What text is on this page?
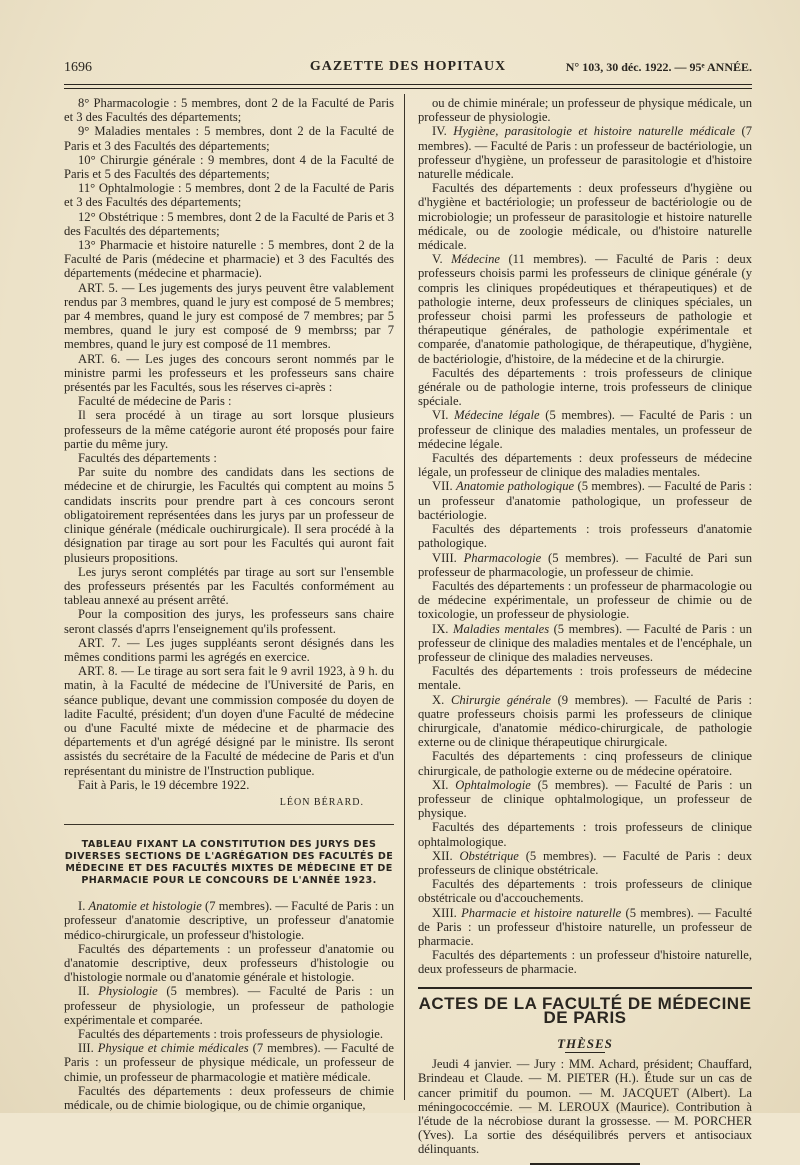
1696	GAZETTE DES HOPITAUX	N° 103, 30 déc. 1922. — 95ᵉ ANNÉE.

8° Pharmacologie : 5 membres, dont 2 de la Faculté de Paris et 3 des Facultés des départements;

9° Maladies mentales : 5 membres, dont 2 de la Faculté de Paris et 3 des Facultés des départements;

10° Chirurgie générale : 9 membres, dont 4 de la Faculté de Paris et 5 des Facultés des départements;

11° Ophtalmologie : 5 membres, dont 2 de la Faculté de Paris et 3 des Facultés des départements;

12° Obstétrique : 5 membres, dont 2 de la Faculté de Paris et 3 des Facultés des départements;

13° Pharmacie et histoire naturelle : 5 membres, dont 2 de la Faculté de Paris (médecine et pharmacie) et 3 des Facultés des départements (médecine et pharmacie).

ART. 5. — Les jugements des jurys peuvent être valablement rendus par 3 membres, quand le jury est composé de 5 membres; par 4 membres, quand le jury est composé de 7 membres; par 5 membres, quand le jury est composé de 9 membrss; par 7 membres, quand le jury est composé de 11 membres.

ART. 6. — Les juges des concours seront nommés par le ministre parmi les professeurs et les professeurs sans chaire présentés par les Facultés, sous les réserves ci-après :

Faculté de médecine de Paris :

Il sera procédé à un tirage au sort lorsque plusieurs professeurs de la même catégorie auront été proposés pour faire partie du même jury.

Facultés des départements :

Par suite du nombre des candidats dans les sections de médecine et de chirurgie, les Facultés qui comptent au moins 5 candidats inscrits pour prendre part à ces concours seront obligatoirement représentées dans les jurys par un professeur de clinique générale (médicale ouchirurgicale). Il sera procédé à la désignation par tirage au sort pour les Facultés qui auront fait plusieurs propositions.

Les jurys seront complétés par tirage au sort sur l'ensemble des professeurs présentés par les Facultés conformément au tableau annexé au présent arrêté.

Pour la composition des jurys, les professeurs sans chaire seront classés d'aprrs l'enseignement qu'ils professent.

ART. 7. — Les juges suppléants seront désignés dans les mêmes conditions parmi les agrégés en exercice.

ART. 8. — Le tirage au sort sera fait le 9 avril 1923, à 9 h. du matin, à la Faculté de médecine de l'Université de Paris, en séance publique, devant une commission composée du doyen de ladite Faculté, président; d'un doyen d'une Faculté de médecine ou d'une Faculté mixte de médecine et de pharmacie des départements et d'un agrégé désigné par le ministre. Ils seront assistés du secrétaire de la Faculté de médecine de Paris et d'un représentant du ministre de l'Instruction publique.

Fait à Paris, le 19 décembre 1922.

LÉON BÉRARD.

TABLEAU FIXANT LA CONSTITUTION DES JURYS DES DIVERSES SECTIONS DE L'AGRÉGATION DES FACULTÉS DE MÉDECINE ET DES FACULTÉS MIXTES DE MÉDECINE ET DE PHARMACIE POUR LE CONCOURS DE L'ANNÉE 1923.

I. Anatomie et histologie (7 membres). — Faculté de Paris : un professeur d'anatomie descriptive, un professeur d'anatomie médico-chirurgicale, un professeur d'histologie.

Facultés des départements : un professeur d'anatomie ou d'anatomie descriptive, deux professeurs d'histologie ou d'histologie normale ou d'anatomie générale et histologie.

II. Physiologie (5 membres). — Faculté de Paris : un professeur de physiologie, un professeur de pathologie expérimentale et comparée.

Facultés des départements : trois professeurs de physiologie.

III. Physique et chimie médicales (7 membres). — Faculté de Paris : un professeur de physique médicale, un professeur de chimie, un professeur de pharmacologie et matière médicale.

Facultés des départements : deux professeurs de chimie médicale, ou de chimie biologique, ou de chimie organique,

ou de chimie minérale; un professeur de physique médicale, un professeur de physiologie.

IV. Hygiène, parasitologie et histoire naturelle médicale (7 membres). — Faculté de Paris : un professeur de bactériologie, un professeur d'hygiène, un professeur de parasitologie et d'histoire naturelle médicale.

Facultés des départements : deux professeurs d'hygiène ou d'hygiène et bactériologie; un professeur de bactériologie ou de microbiologie; un professeur de parasitologie et histoire naturelle médicale, ou de zoologie médicale, ou d'histoire naturelle médicale.

V. Médecine (11 membres). — Faculté de Paris : deux professeurs choisis parmi les professeurs de clinique générale (y compris les cliniques propédeutiques et thérapeutiques) et de pathologie interne, deux professeurs de cliniques spéciales, un professeur choisi parmi les professeurs de pathologie et thérapeutique générales, de pathologie expérimentale et comparée, d'anatomie pathologique, de thérapeutique, d'hygiène, de bactériologie, d'histoire, de la médecine et de la chirurgie.

Facultés des départements : trois professeurs de clinique générale ou de pathologie interne, trois professeurs de clinique spéciale.

VI. Médecine légale (5 membres). — Faculté de Paris : un professeur de clinique des maladies mentales, un professeur de médecine légale.

Facultés des départements : deux professeurs de médecine légale, un professeur de clinique des maladies mentales.

VII. Anatomie pathologique (5 membres). — Faculté de Paris : un professeur d'anatomie pathologique, un professeur de bactériologie.

Facultés des départements : trois professeurs d'anatomie pathologique.

VIII. Pharmacologie (5 membres). — Faculté de Pari sun professeur de pharmacologie, un professeur de chimie.

Facultés des départements : un professeur de pharmacologie ou de médecine expérimentale, un professeur de chimie ou de toxicologie, un professeur de physiologie.

IX. Maladies mentales (5 membres). — Faculté de Paris : un professeur de clinique des maladies mentales et de l'encéphale, un professeur de clinique des maladies nerveuses.

Facultés des départements : trois professeurs de médecine mentale.

X. Chirurgie générale (9 membres). — Faculté de Paris : quatre professeurs choisis parmi les professeurs de clinique chirurgicale, d'anatomie médico-chirurgicale, de pathologie externe ou de clinique thérapeutique chirurgicale.

Facultés des départements : cinq professeurs de clinique chirurgicale, de pathologie externe ou de médecine opératoire.

XI. Ophtalmologie (5 membres). — Faculté de Paris : un professeur de clinique ophtalmologique, un professeur de physique.

Facultés des départements : trois professeurs de clinique ophtalmologique.

XII. Obstétrique (5 membres). — Faculté de Paris : deux professeurs de clinique obstétricale.

Facultés des départements : trois professeurs de clinique obstétricale ou d'accouchements.

XIII. Pharmacie et histoire naturelle (5 membres). — Faculté de Paris : un professeur d'histoire naturelle, un professeur de pharmacie.

Facultés des départements : un professeur d'histoire naturelle, deux professeurs de pharmacie.

ACTES DE LA FACULTÉ DE MÉDECINE DE PARIS

THÈSES

Jeudi 4 janvier. — Jury : MM. Achard, président; Chauffard, Brindeau et Claude. — M. PIETER (H.). Étude sur un cas de cancer primitif du poumon. — M. JACQUET (Albert). La méningococcémie. — M. LEROUX (Maurice). Contribution à l'étude de la nécrobiose durant la grossesse. — M. PORCHER (Yves). La sortie des déséquilibrés pervers et antisociaux délinquants.
